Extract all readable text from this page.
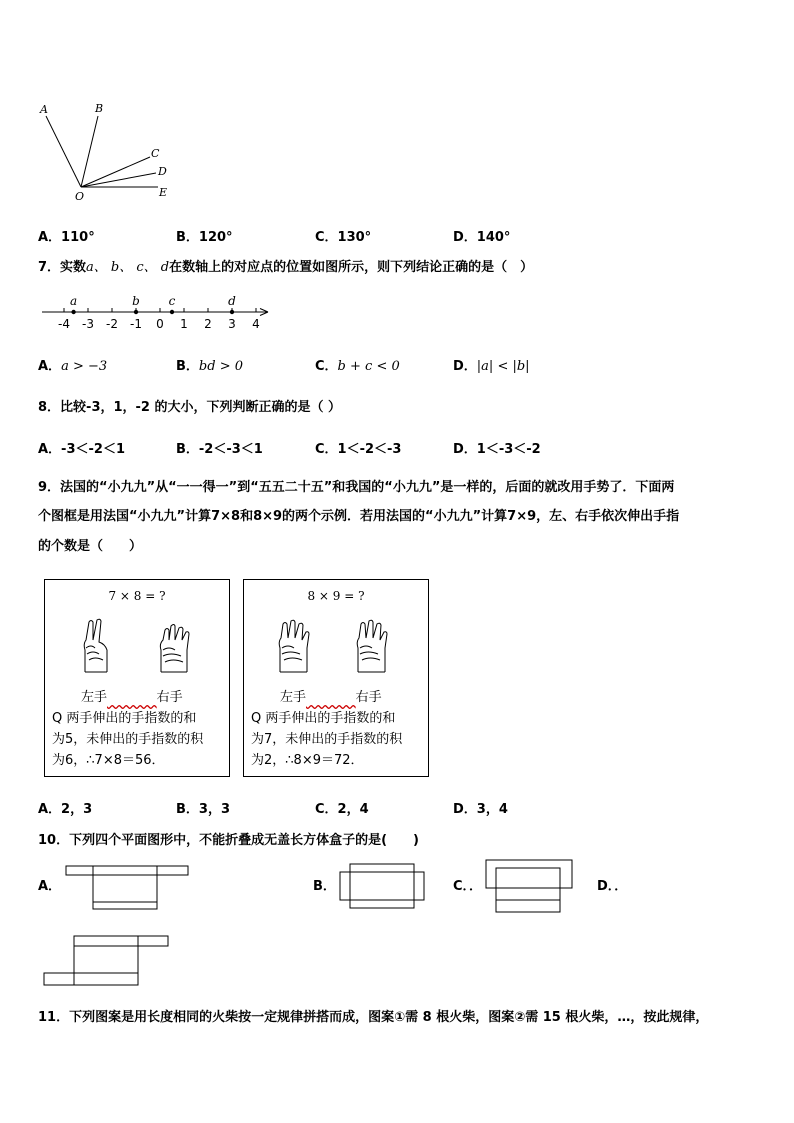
A	B
C
D
E
O
A．110°	B．120°	C．130°	D．140°
7．实数a、 b、 c、 d在数轴上的对应点的位置如图所示，则下列结论正确的是（　）
-4 -3 -2 -1 0 1 2 3 4
a	b c	d
A．a > −3	B．bd > 0	C．b + c < 0	D．|a| < |b|
8．比较-3，1，-2 的大小，下列判断正确的是（ ）
A．-3＜-2＜1	B．-2＜-3＜1	C．1＜-2＜-3	D．1＜-3＜-2
9．法国的“小九九”从“一一得一”到“五五二十五”和我国的“小九九”是一样的，后面的就改用手势了．下面两
个图框是用法国“小九九”计算7×8和8×9的两个示例．若用法国的“小九九”计算7×9，左、右手依次伸出手指
的个数是（　　）
7 × 8 = ?
左手      	右手
Q 两手伸出的手指数的和
为5，未伸出的手指数的积
为6，∴7×8＝56．
8 × 9 = ?
左手      	右手
Q 两手伸出的手指数的和
为7，未伸出的手指数的积
为2，∴8×9＝72．
A．2，3	B．3，3	C．2，4	D．3，4
10．下列四个平面图形中，不能折叠成无盖长方体盒子的是(　　)
A．	B．	C．．	D．．
11．下列图案是用长度相同的火柴按一定规律拼搭而成，图案①需 8 根火柴，图案②需 15 根火柴，…，按此规律，
